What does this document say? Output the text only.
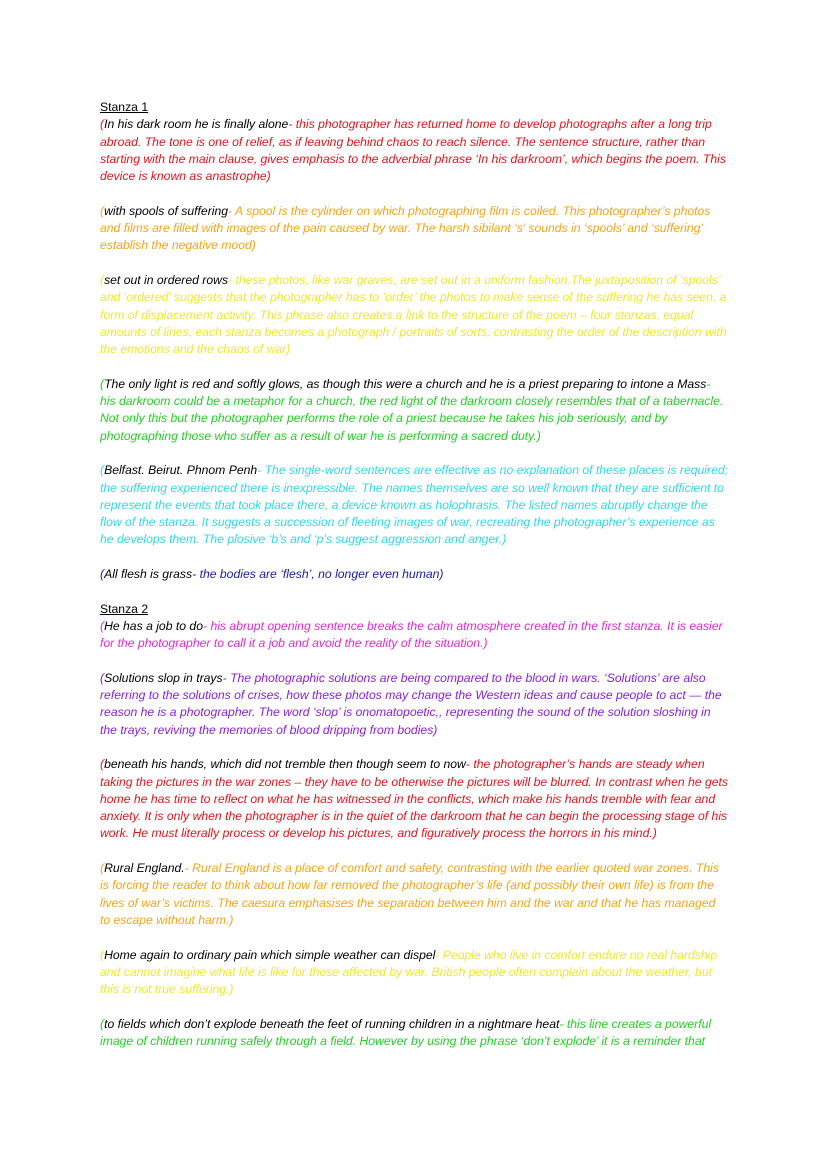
Stanza 1

(In his dark room he is finally alone- this photographer has returned home to develop photographs after a long trip abroad. The tone is one of relief, as if leaving behind chaos to reach silence. The sentence structure, rather than starting with the main clause, gives emphasis to the adverbial phrase ‘In his darkroom’, which begins the poem. This device is known as anastrophe)

(with spools of suffering- A spool is the cylinder on which photographing film is coiled. This photographer’s photos and films are filled with images of the pain caused by war. The harsh sibilant ‘s’ sounds in ‘spools’ and ‘suffering’ establish the negative mood)

(set out in ordered rows- these photos, like war graves, are set out in a uniform fashion.The juxtaposition of ‘spools’ and ‘ordered’ suggests that the photographer has to ‘order’ the photos to make sense of the suffering he has seen, a form of displacement activity. This phrase also creates a link to the structure of the poem – four stanzas, equal amounts of lines, each stanza becomes a photograph / portraits of sorts, contrasting the order of the description with the emotions and the chaos of war)

(The only light is red and softly glows, as though this were a church and he is a priest preparing to intone a Mass- his darkroom could be a metaphor for a church, the red light of the darkroom closely resembles that of a tabernacle. Not only this but the photographer performs the role of a priest because he takes his job seriously, and by photographing those who suffer as a result of war he is performing a sacred duty.)

(Belfast. Beirut. Phnom Penh- The single-word sentences are effective as no explanation of these places is required; the suffering experienced there is inexpressible. The names themselves are so well known that they are sufficient to represent the events that took place there, a device known as holophrasis. The listed names abruptly change the flow of the stanza. It suggests a succession of fleeting images of war, recreating the photographer’s experience as he develops them. The plosive ‘b’s and ‘p’s suggest aggression and anger.)

(All flesh is grass- the bodies are ‘flesh’, no longer even human)

Stanza 2

(He has a job to do- his abrupt opening sentence breaks the calm atmosphere created in the first stanza. It is easier for the photographer to call it a job and avoid the reality of the situation.)

(Solutions slop in trays- The photographic solutions are being compared to the blood in wars. ‘Solutions’ are also referring to the solutions of crises, how these photos may change the Western ideas and cause people to act — the reason he is a photographer. The word ‘slop’ is onomatopoetic,, representing the sound of the solution sloshing in the trays, reviving the memories of blood dripping from bodies)

(beneath his hands, which did not tremble then though seem to now- the photographer’s hands are steady when taking the pictures in the war zones – they have to be otherwise the pictures will be blurred. In contrast when he gets home he has time to reflect on what he has witnessed in the conflicts, which make his hands tremble with fear and anxiety. It is only when the photographer is in the quiet of the darkroom that he can begin the processing stage of his work. He must literally process or develop his pictures, and figuratively process the horrors in his mind.)

(Rural England.- Rural England is a place of comfort and safety, contrasting with the earlier quoted war zones. This is forcing the reader to think about how far removed the photographer’s life (and possibly their own life) is from the lives of war’s victims. The caesura emphasises the separation between him and the war and that he has managed to escape without harm.)

(Home again to ordinary pain which simple weather can dispel- People who live in comfort endure no real hardship and cannot imagine what life is like for those affected by war. British people often complain about the weather, but this is not true suffering.)

(to fields which don’t explode beneath the feet of running children in a nightmare heat- this line creates a powerful image of children running safely through a field. However by using the phrase ‘don’t explode’ it is a reminder that
